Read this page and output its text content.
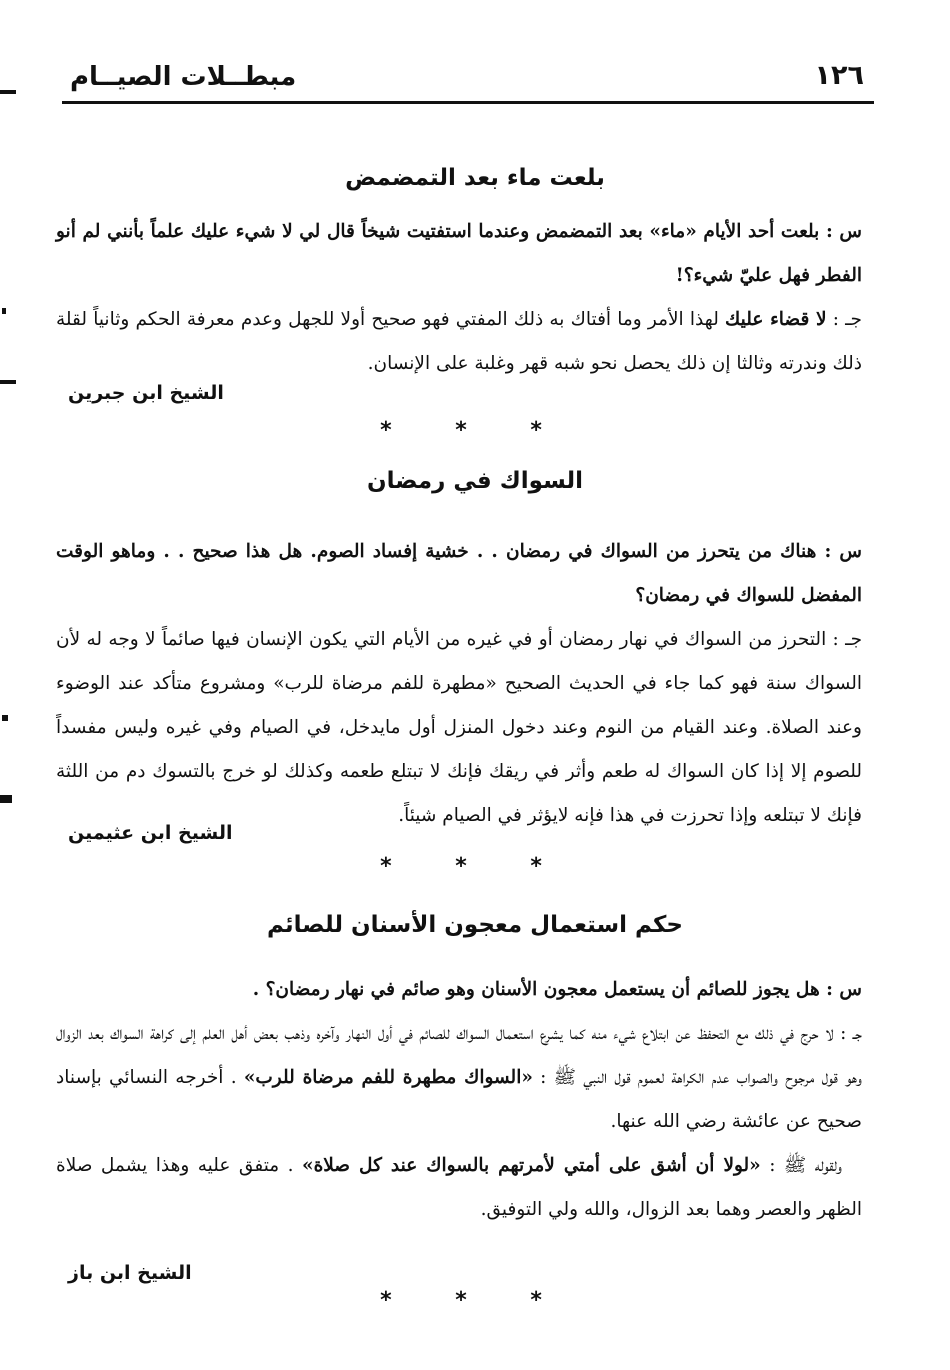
مبطــلات الصيــام	١٢٦
بلعت ماء بعد التمضمض

س : بلعت أحد الأيام «ماء» بعد التمضمض وعندما استفتيت شيخاً قال لي لا شيء عليك علماً بأنني لم أنو الفطر فهل عليّ شيء؟!

جـ : لا قضاء عليك لهذا الأمر وما أفتاك به ذلك المفتي فهو صحيح أولا للجهل وعدم معرفة الحكم وثانياً لقلة ذلك وندرته وثالثا إن ذلك يحصل نحو شبه قهر وغلبة على الإنسان.

الشيخ ابن جبرين
* * *
السواك في رمضان

س : هناك من يتحرز من السواك في رمضان . . خشية إفساد الصوم. هل هذا صحيح . . وماهو الوقت المفضل للسواك في رمضان؟

جـ : التحرز من السواك في نهار رمضان أو في غيره من الأيام التي يكون الإنسان فيها صائماً لا وجه له لأن السواك سنة فهو كما جاء في الحديث الصحيح «مطهرة للفم مرضاة للرب» ومشروع متأكد عند الوضوء وعند الصلاة. وعند القيام من النوم وعند دخول المنزل أول مايدخل، في الصيام وفي غيره وليس مفسداً للصوم إلا إذا كان السواك له طعم وأثر في ريقك فإنك لا تبتلع طعمه وكذلك لو خرج بالتسوك دم من اللثة فإنك لا تبتلعه وإذا تحرزت في هذا فإنه لايؤثر في الصيام شيئاً.

الشيخ ابن عثيمين
* * *
حكم استعمال معجون الأسنان للصائم

س : هل يجوز للصائم أن يستعمل معجون الأسنان وهو صائم في نهار رمضان؟ .

جـ : لا حرج في ذلك مع التحفظ عن ابتلاع شيء منه كما يشرع استعمال السواك للصائم في أول النهار وآخره وذهب بعض أهل العلم إلى كراهة السواك بعد الزوال وهو قول مرجوح والصواب عدم الكراهة لعموم قول النبي ﷺ : «السواك مطهرة للفم مرضاة للرب» . أخرجه النسائي بإسناد صحيح عن عائشة رضي الله عنها.

ولقوله ﷺ : «لولا أن أشق على أمتي لأمرتهم بالسواك عند كل صلاة» . متفق عليه وهذا يشمل صلاة الظهر والعصر وهما بعد الزوال، والله ولي التوفيق.

الشيخ ابن باز
* * *
